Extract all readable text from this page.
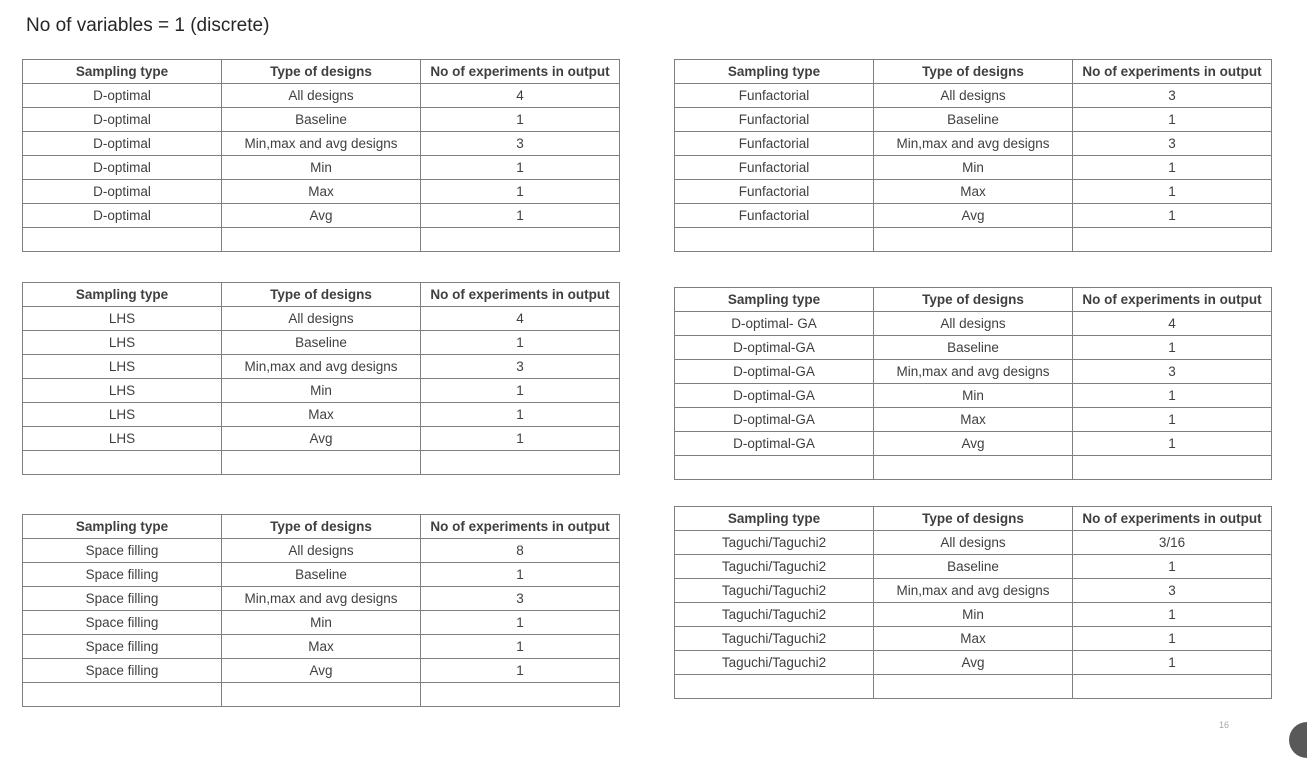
No of variables = 1 (discrete)
Sampling type	Type of designs	No of experiments in output
D-optimal	All designs	4
D-optimal	Baseline	1
D-optimal	Min,max and avg designs	3
D-optimal	Min	1
D-optimal	Max	1
D-optimal	Avg	1

Sampling type	Type of designs	No of experiments in output
Funfactorial	All designs	3
Funfactorial	Baseline	1
Funfactorial	Min,max and avg designs	3
Funfactorial	Min	1
Funfactorial	Max	1
Funfactorial	Avg	1

Sampling type	Type of designs	No of experiments in output
LHS	All designs	4
LHS	Baseline	1
LHS	Min,max and avg designs	3
LHS	Min	1
LHS	Max	1
LHS	Avg	1

Sampling type	Type of designs	No of experiments in output
D-optimal- GA	All designs	4
D-optimal-GA	Baseline	1
D-optimal-GA	Min,max and avg designs	3
D-optimal-GA	Min	1
D-optimal-GA	Max	1
D-optimal-GA	Avg	1

Sampling type	Type of designs	No of experiments in output
Space filling	All designs	8
Space filling	Baseline	1
Space filling	Min,max and avg designs	3
Space filling	Min	1
Space filling	Max	1
Space filling	Avg	1

Sampling type	Type of designs	No of experiments in output
Taguchi/Taguchi2	All designs	3/16
Taguchi/Taguchi2	Baseline	1
Taguchi/Taguchi2	Min,max and avg designs	3
Taguchi/Taguchi2	Min	1
Taguchi/Taguchi2	Max	1
Taguchi/Taguchi2	Avg	1

16
